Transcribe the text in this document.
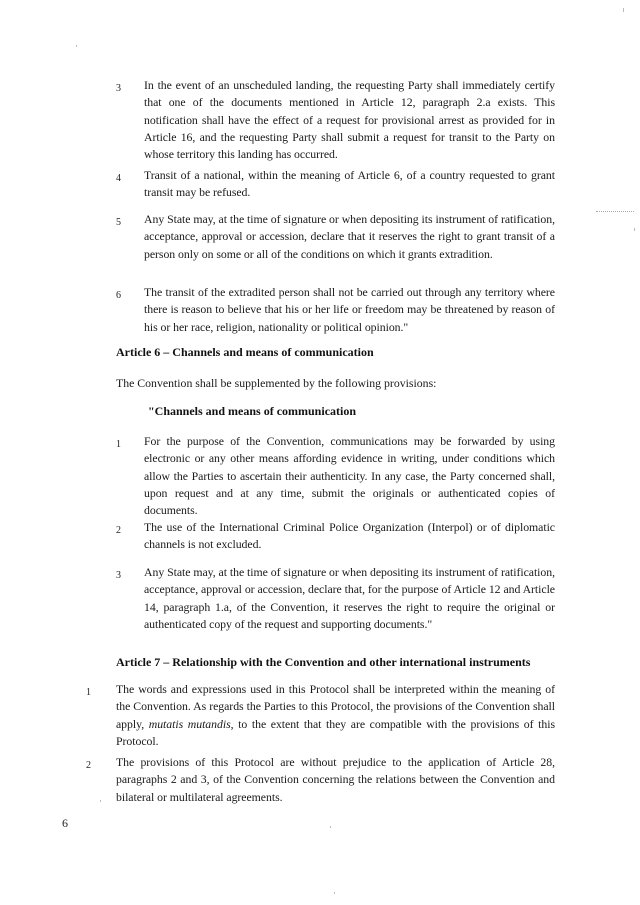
3 In the event of an unscheduled landing, the requesting Party shall immediately certify that one of the documents mentioned in Article 12, paragraph 2.a exists. This notification shall have the effect of a request for provisional arrest as provided for in Article 16, and the requesting Party shall submit a request for transit to the Party on whose territory this landing has occurred.
4 Transit of a national, within the meaning of Article 6, of a country requested to grant transit may be refused.
5 Any State may, at the time of signature or when depositing its instrument of ratification, acceptance, approval or accession, declare that it reserves the right to grant transit of a person only on some or all of the conditions on which it grants extradition.
6 The transit of the extradited person shall not be carried out through any territory where there is reason to believe that his or her life or freedom may be threatened by reason of his or her race, religion, nationality or political opinion."
Article 6 – Channels and means of communication
The Convention shall be supplemented by the following provisions:
"Channels and means of communication
1 For the purpose of the Convention, communications may be forwarded by using electronic or any other means affording evidence in writing, under conditions which allow the Parties to ascertain their authenticity. In any case, the Party concerned shall, upon request and at any time, submit the originals or authenticated copies of documents.
2 The use of the International Criminal Police Organization (Interpol) or of diplomatic channels is not excluded.
3 Any State may, at the time of signature or when depositing its instrument of ratification, acceptance, approval or accession, declare that, for the purpose of Article 12 and Article 14, paragraph 1.a, of the Convention, it reserves the right to require the original or authenticated copy of the request and supporting documents."
Article 7 – Relationship with the Convention and other international instruments
1 The words and expressions used in this Protocol shall be interpreted within the meaning of the Convention. As regards the Parties to this Protocol, the provisions of the Convention shall apply, mutatis mutandis, to the extent that they are compatible with the provisions of this Protocol.
2 The provisions of this Protocol are without prejudice to the application of Article 28, paragraphs 2 and 3, of the Convention concerning the relations between the Convention and bilateral or multilateral agreements.
6
